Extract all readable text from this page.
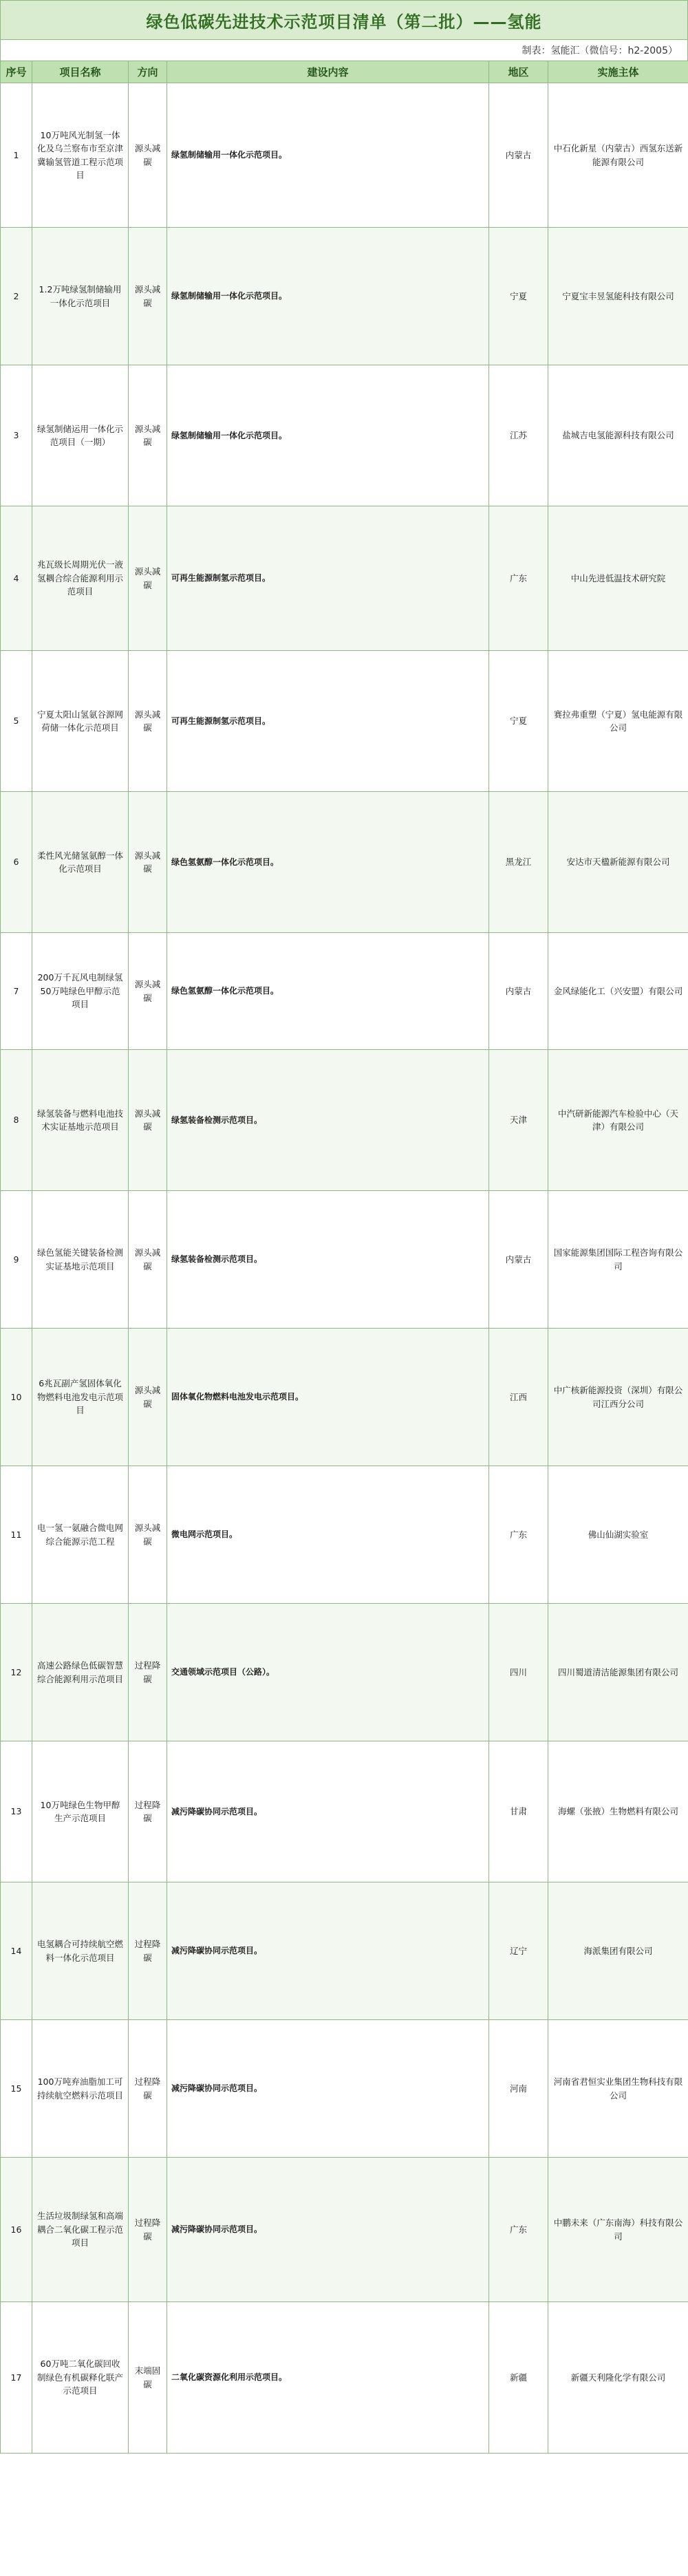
绿色低碳先进技术示范项目清单（第二批）——氢能
制表：氢能汇（微信号：h2-2005）
序号	项目名称	方向	建设内容	地区	实施主体
1	10万吨风光制氢一体化及乌兰察布市至京津冀输氢管道工程示范项目	源头减碳	绿氢制储输用一体化示范项目。	内蒙古	中石化新星（内蒙古）西氢东送新能源有限公司
2	1.2万吨绿氢制储输用一体化示范项目	源头减碳	绿氢制储输用一体化示范项目。	宁夏	宁夏宝丰昱氢能科技有限公司
3	绿氢制储运用一体化示范项目（一期）	源头减碳	绿氢制储输用一体化示范项目。	江苏	盐城吉电氢能源科技有限公司
4	兆瓦级长周期光伏一液氢耦合综合能源利用示范项目	源头减碳	可再生能源制氢示范项目。	广东	中山先进低温技术研究院
5	宁夏太阳山氢氨谷源网荷储一体化示范项目	源头减碳	可再生能源制氢示范项目。	宁夏	赛拉弗重塑（宁夏）氢电能源有限公司
6	柔性风光储氢氨醇一体化示范项目	源头减碳	绿色氢氨醇一体化示范项目。	黑龙江	安达市天楹新能源有限公司
7	200万千瓦风电制绿氢50万吨绿色甲醇示范项目	源头减碳	绿色氢氨醇一体化示范项目。	内蒙古	金风绿能化工（兴安盟）有限公司
8	绿氢装备与燃料电池技术实证基地示范项目	源头减碳	绿氢装备检测示范项目。	天津	中汽研新能源汽车检验中心（天津）有限公司
9	绿色氢能关键装备检测实证基地示范项目	源头减碳	绿氢装备检测示范项目。	内蒙古	国家能源集团国际工程咨询有限公司
10	6兆瓦副产氢固体氧化物燃料电池发电示范项目	源头减碳	固体氧化物燃料电池发电示范项目。	江西	中广核新能源投资（深圳）有限公司江西分公司
11	电一氢一氨融合微电网综合能源示范工程	源头减碳	微电网示范项目。	广东	佛山仙湖实验室
12	高速公路绿色低碳智慧综合能源利用示范项目	过程降碳	交通领域示范项目（公路）。	四川	四川蜀道清洁能源集团有限公司
13	10万吨绿色生物甲醇生产示范项目	过程降碳	减污降碳协同示范项目。	甘肃	海螺（张掖）生物燃料有限公司
14	电氢耦合可持续航空燃料一体化示范项目	过程降碳	减污降碳协同示范项目。	辽宁	海派集团有限公司
15	100万吨弃油脂加工可持续航空燃料示范项目	过程降碳	减污降碳协同示范项目。	河南	河南省君恒实业集团生物科技有限公司
16	生活垃圾制绿氢和高端耦合二氧化碳工程示范项目	过程降碳	减污降碳协同示范项目。	广东	中鹏未来（广东南海）科技有限公司
17	60万吨二氧化碳回收制绿色有机碳释化联产示范项目	末端固碳	二氧化碳资源化利用示范项目。	新疆	新疆天利隆化学有限公司
